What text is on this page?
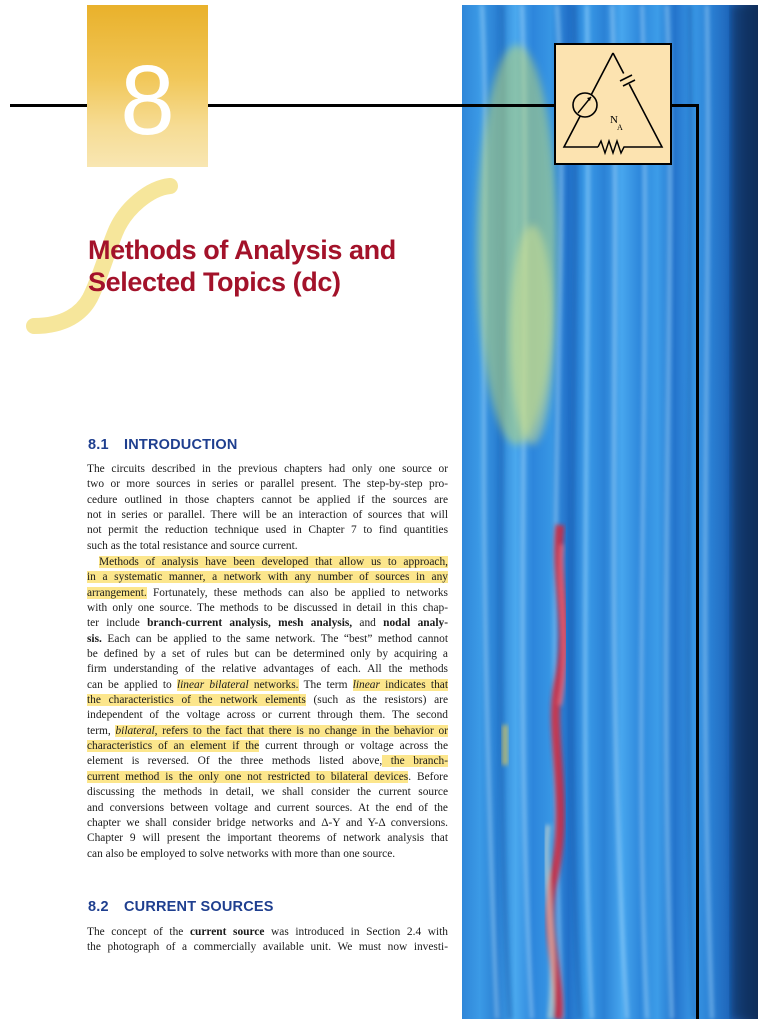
8	N
A
Methods of Analysis and
Selected Topics (dc)
8.1 INTRODUCTION

The circuits described in the previous chapters had only one source or
two or more sources in series or parallel present. The step-by-step pro-
cedure outlined in those chapters cannot be applied if the sources are
not in series or parallel. There will be an interaction of sources that will
not permit the reduction technique used in Chapter 7 to find quantities
such as the total resistance and source current.

Methods of analysis have been developed that allow us to approach,
in a systematic manner, a network with any number of sources in any
arrangement. Fortunately, these methods can also be applied to networks
with only one source. The methods to be discussed in detail in this chap-
ter include branch-current analysis, mesh analysis, and nodal analy-
sis. Each can be applied to the same network. The “best” method cannot
be defined by a set of rules but can be determined only by acquiring a
firm understanding of the relative advantages of each. All the methods
can be applied to linear bilateral networks. The term linear indicates that
the characteristics of the network elements (such as the resistors) are
independent of the voltage across or current through them. The second
term, bilateral, refers to the fact that there is no change in the behavior or
characteristics of an element if the current through or voltage across the
element is reversed. Of the three methods listed above, the branch-
current method is the only one not restricted to bilateral devices. Before
discussing the methods in detail, we shall consider the current source
and conversions between voltage and current sources. At the end of the
chapter we shall consider bridge networks and Δ-Y and Y-Δ conversions.
Chapter 9 will present the important theorems of network analysis that
can also be employed to solve networks with more than one source.

8.2 CURRENT SOURCES

The concept of the current source was introduced in Section 2.4 with
the photograph of a commercially available unit. We must now investi-
